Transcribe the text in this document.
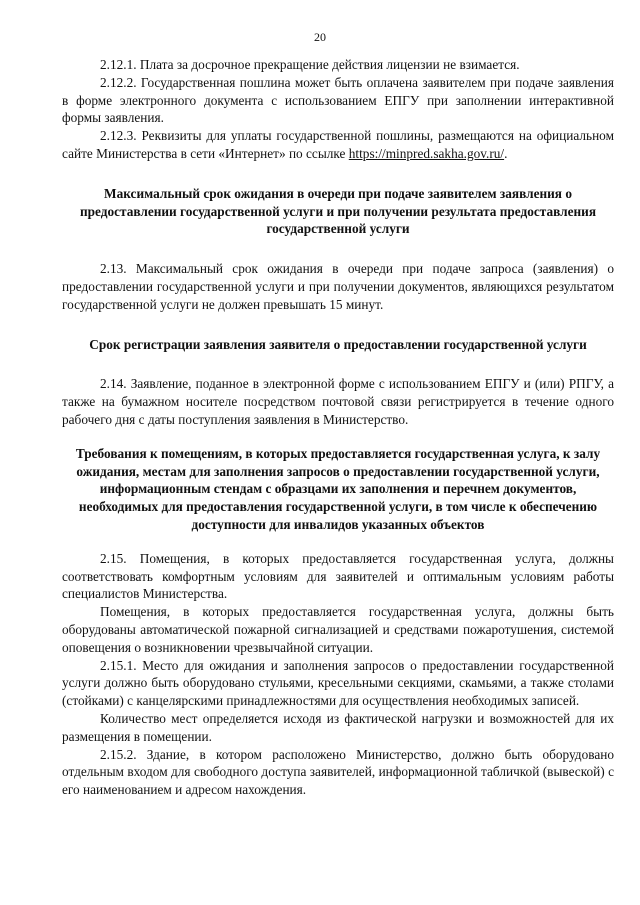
20

2.12.1. Плата за досрочное прекращение действия лицензии не взимается.

2.12.2. Государственная пошлина может быть оплачена заявителем при подаче заявления в форме электронного документа с использованием ЕПГУ при заполнении интерактивной формы заявления.

2.12.3. Реквизиты для уплаты государственной пошлины, размещаются на официальном сайте Министерства в сети «Интернет» по ссылке https://minpred.sakha.gov.ru/.

Максимальный срок ожидания в очереди при подаче заявителем заявления о предоставлении государственной услуги и при получении результата предоставления государственной услуги

2.13. Максимальный срок ожидания в очереди при подаче запроса (заявления) о предоставлении государственной услуги и при получении документов, являющихся результатом государственной услуги не должен превышать 15 минут.

Срок регистрации заявления заявителя о предоставлении государственной услуги

2.14. Заявление, поданное в электронной форме с использованием ЕПГУ и (или) РПГУ, а также на бумажном носителе посредством почтовой связи регистрируется в течение одного рабочего дня с даты поступления заявления в Министерство.

Требования к помещениям, в которых предоставляется государственная услуга, к залу ожидания, местам для заполнения запросов о предоставлении государственной услуги, информационным стендам с образцами их заполнения и перечнем документов, необходимых для предоставления государственной услуги, в том числе к обеспечению доступности для инвалидов указанных объектов

2.15. Помещения, в которых предоставляется государственная услуга, должны соответствовать комфортным условиям для заявителей и оптимальным условиям работы специалистов Министерства.

Помещения, в которых предоставляется государственная услуга, должны быть оборудованы автоматической пожарной сигнализацией и средствами пожаротушения, системой оповещения о возникновении чрезвычайной ситуации.

2.15.1. Место для ожидания и заполнения запросов о предоставлении государственной услуги должно быть оборудовано стульями, кресельными секциями, скамьями, а также столами (стойками) с канцелярскими принадлежностями для осуществления необходимых записей.

Количество мест определяется исходя из фактической нагрузки и возможностей для их размещения в помещении.

2.15.2. Здание, в котором расположено Министерство, должно быть оборудовано отдельным входом для свободного доступа заявителей, информационной табличкой (вывеской) с его наименованием и адресом нахождения.
